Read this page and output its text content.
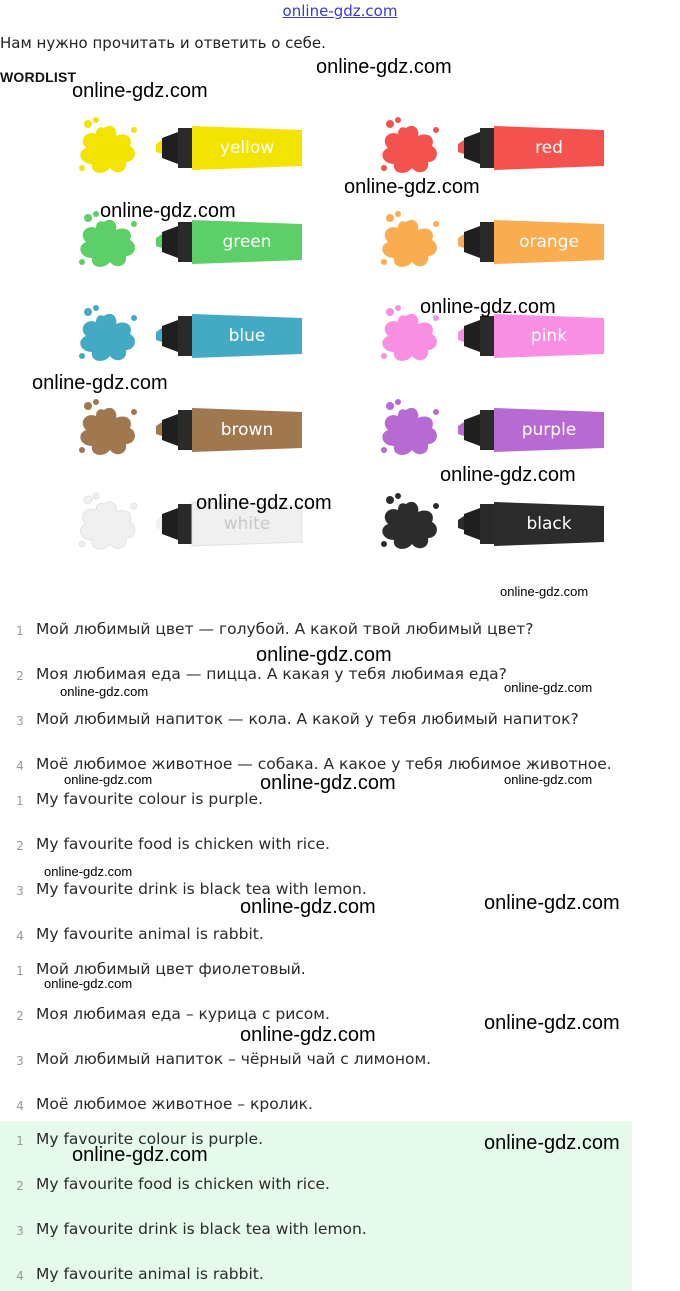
online-gdz.com
Нам нужно прочитать и ответить о себе.
WORDLIST
yellow	red
green	orange
blue	pink
brown	purple
white	black
1 Мой любимый цвет — голубой. А какой твой любимый цвет?
2 Моя любимая еда — пицца. А какая у тебя любимая еда?
3 Мой любимый напиток — кола. А какой у тебя любимый напиток?
4 Моё любимое животное — собака. А какое у тебя любимое животное.
1 My favourite colour is purple.
2 My favourite food is chicken with rice.
3 My favourite drink is black tea with lemon.
4 My favourite animal is rabbit.
1 Мой любимый цвет фиолетовый.
2 Моя любимая еда – курица с рисом.
3 Мой любимый напиток – чёрный чай с лимоном.
4 Моё любимое животное – кролик.
1 My favourite colour is purple.
2 My favourite food is chicken with rice.
3 My favourite drink is black tea with lemon.
4 My favourite animal is rabbit.
online-gdz.com
online-gdz.com
online-gdz.com
online-gdz.com
online-gdz.com
online-gdz.com
online-gdz.com
online-gdz.com
online-gdz.com
online-gdz.com
online-gdz.com	online-gdz.com
online-gdz.com	online-gdz.com	online-gdz.com
online-gdz.com
online-gdz.com
online-gdz.com
online-gdz.com
online-gdz.com
online-gdz.com
online-gdz.com
online-gdz.com
